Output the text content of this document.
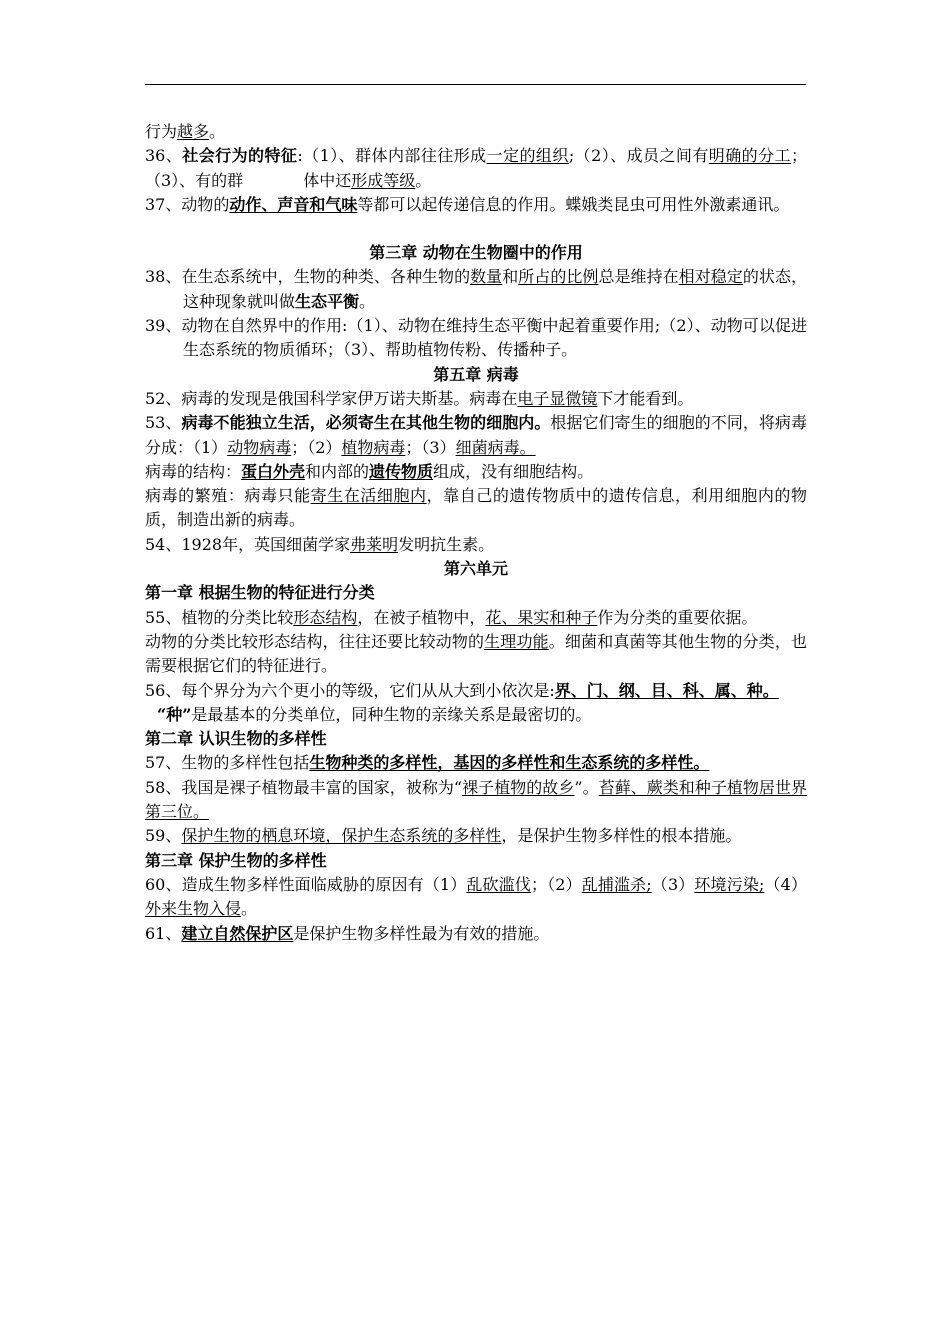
行为越多。

36、社会行为的特征:（1）、群体内部往往形成一定的组织;（2）、成员之间有明确的分工；（3）、有的群	体中还形成等级。

37、动物的动作、声音和气味等都可以起传递信息的作用。蝶娥类昆虫可用性外激素通讯。

第三章 动物在生物圈中的作用

38、在生态系统中，生物的种类、各种生物的数量和所占的比例总是维持在相对稳定的状态，这种现象就叫做生态平衡。

39、动物在自然界中的作用:（1）、动物在维持生态平衡中起着重要作用;（2）、动物可以促进生态系统的物质循环；（3）、帮助植物传粉、传播种子。

第五章 病毒

52、病毒的发现是俄国科学家伊万诺夫斯基。病毒在电子显微镜下才能看到。

53、病毒不能独立生活，必须寄生在其他生物的细胞内。根据它们寄生的细胞的不同，将病毒分成：（1）动物病毒；（2）植物病毒；（3）细菌病毒。

病毒的结构：蛋白外壳和内部的遗传物质组成，没有细胞结构。

病毒的繁殖：病毒只能寄生在活细胞内，靠自己的遗传物质中的遗传信息，利用细胞内的物质，制造出新的病毒。

54、1928年，英国细菌学家弗莱明发明抗生素。

第六单元

第一章 根据生物的特征进行分类

55、植物的分类比较形态结构，在被子植物中，花、果实和种子作为分类的重要依据。

动物的分类比较形态结构，往往还要比较动物的生理功能。细菌和真菌等其他生物的分类，也需要根据它们的特征进行。

56、每个界分为六个更小的等级，它们从从大到小依次是:界、门、纲、目、科、属、种。

“种”是最基本的分类单位，同种生物的亲缘关系是最密切的。

第二章 认识生物的多样性

57、生物的多样性包括生物种类的多样性，基因的多样性和生态系统的多样性。

58、我国是裸子植物最丰富的国家，被称为“裸子植物的故乡”。苔藓、蕨类和种子植物居世界第三位。

59、保护生物的栖息环境，保护生态系统的多样性，是保护生物多样性的根本措施。

第三章 保护生物的多样性

60、造成生物多样性面临威胁的原因有（1）乱砍滥伐；（2）乱捕滥杀;（3）环境污染;（4）外来生物入侵。

61、建立自然保护区是保护生物多样性最为有效的措施。
